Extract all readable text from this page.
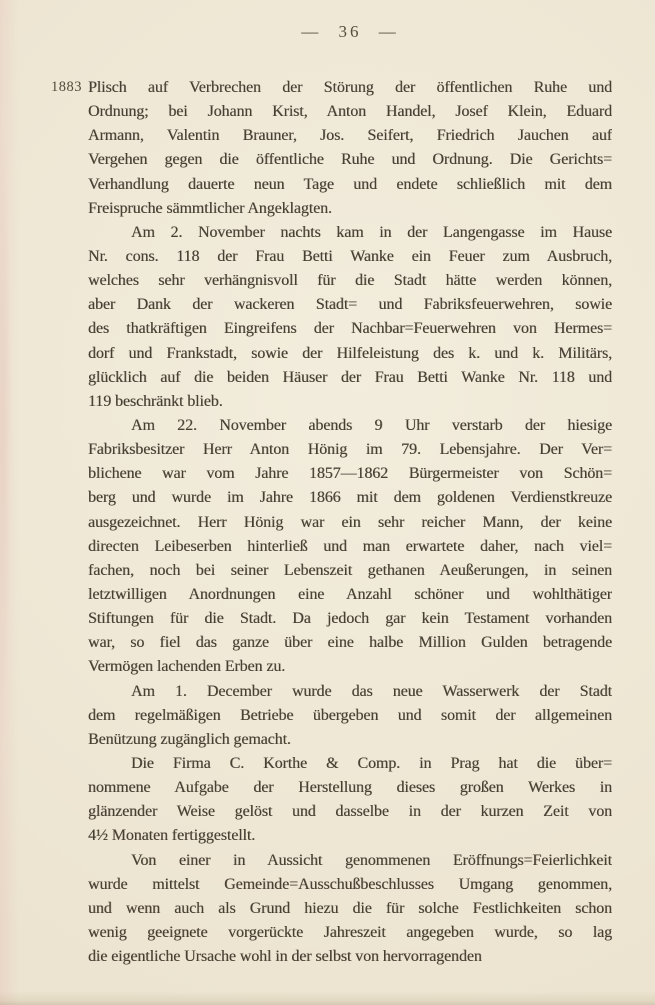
— 36 —
1883 Plisch auf Verbrechen der Störung der öffentlichen Ruhe und
Ordnung; bei Johann Krist, Anton Handel, Josef Klein, Eduard
Armann, Valentin Brauner, Jos. Seifert, Friedrich Jauchen auf
Vergehen gegen die öffentliche Ruhe und Ordnung. Die Gerichts=
Verhandlung dauerte neun Tage und endete schließlich mit dem
Freispruche sämmtlicher Angeklagten.
Am 2. November nachts kam in der Langengasse im Hause
Nr. cons. 118 der Frau Betti Wanke ein Feuer zum Ausbruch,
welches sehr verhängnisvoll für die Stadt hätte werden können,
aber Dank der wackeren Stadt= und Fabriksfeuerwehren, sowie
des thatkräftigen Eingreifens der Nachbar=Feuerwehren von Hermes=
dorf und Frankstadt, sowie der Hilfeleistung des k. und k. Militärs,
glücklich auf die beiden Häuser der Frau Betti Wanke Nr. 118 und
119 beschränkt blieb.
Am 22. November abends 9 Uhr verstarb der hiesige
Fabriksbesitzer Herr Anton Hönig im 79. Lebensjahre. Der Ver=
blichene war vom Jahre 1857—1862 Bürgermeister von Schön=
berg und wurde im Jahre 1866 mit dem goldenen Verdienstkreuze
ausgezeichnet. Herr Hönig war ein sehr reicher Mann, der keine
directen Leibeserben hinterließ und man erwartete daher, nach viel=
fachen, noch bei seiner Lebenszeit gethanen Aeußerungen, in seinen
letztwilligen Anordnungen eine Anzahl schöner und wohlthätiger
Stiftungen für die Stadt. Da jedoch gar kein Testament vorhanden
war, so fiel das ganze über eine halbe Million Gulden betragende
Vermögen lachenden Erben zu.
Am 1. December wurde das neue Wasserwerk der Stadt
dem regelmäßigen Betriebe übergeben und somit der allgemeinen
Benützung zugänglich gemacht.
Die Firma C. Korthe & Comp. in Prag hat die über=
nommene Aufgabe der Herstellung dieses großen Werkes in
glänzender Weise gelöst und dasselbe in der kurzen Zeit von
4½ Monaten fertiggestellt.
Von einer in Aussicht genommenen Eröffnungs=Feierlichkeit
wurde mittelst Gemeinde=Ausschußbeschlusses Umgang genommen,
und wenn auch als Grund hiezu die für solche Festlichkeiten schon
wenig geeignete vorgerückte Jahreszeit angegeben wurde, so lag
die eigentliche Ursache wohl in der selbst von hervorragenden
